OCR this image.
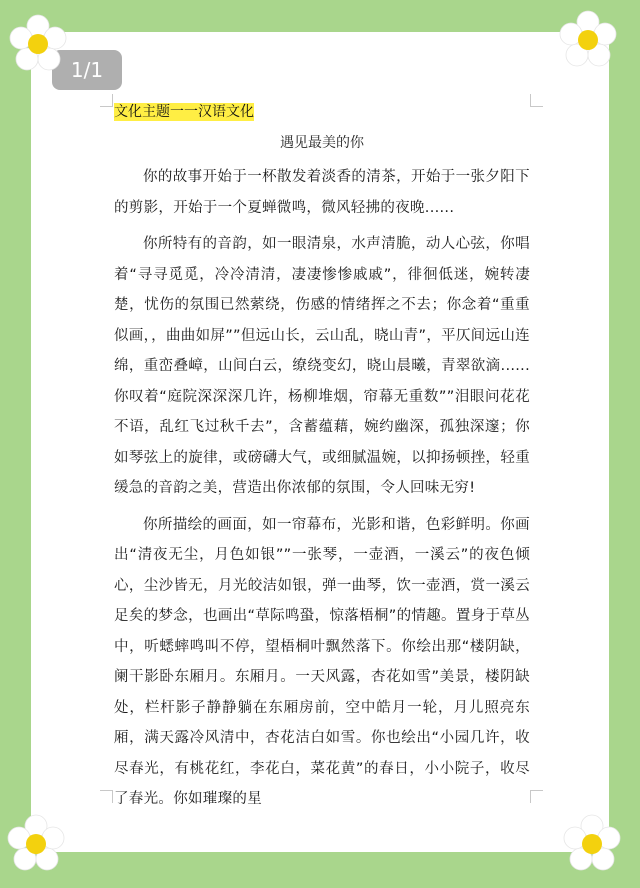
文化主题一一汉语文化
遇见最美的你

你的故事开始于一杯散发着淡香的清茶，开始于一张夕阳下的剪影，开始于一个夏蝉微鸣，微风轻拂的夜晚......

你所特有的音韵，如一眼清泉，水声清脆，动人心弦，你唱着“寻寻觅觅，冷冷清清，凄凄惨惨戚戚”，徘徊低迷，婉转凄楚，忧伤的氛围已然萦绕，伤感的情绪挥之不去；你念着“重重似画，，曲曲如屏””但远山长，云山乱，晓山青”，平仄间远山连绵，重峦叠嶂，山间白云，缭绕变幻，晓山晨曦，青翠欲滴......你叹着“庭院深深深几许，杨柳堆烟，帘幕无重数””泪眼问花花不语，乱红飞过秋千去”，含蓄蕴藉，婉约幽深，孤独深邃；你如琴弦上的旋律，或磅礴大气，或细腻温婉，以抑扬顿挫，轻重缓急的音韵之美，营造出你浓郁的氛围，令人回味无穷!

你所描绘的画面，如一帘幕布，光影和谐，色彩鲜明。你画出“清夜无尘，月色如银””一张琴，一壶酒，一溪云”的夜色倾心，尘沙皆无，月光皎洁如银，弹一曲琴，饮一壶酒，赏一溪云足矣的梦念，也画出“草际鸣蛩，惊落梧桐”的情趣。置身于草丛中，听蟋蟀鸣叫不停，望梧桐叶飘然落下。你绘出那“楼阴缺，阑干影卧东厢月。东厢月。一天风露，杏花如雪”美景，楼阴缺处，栏杆影子静静躺在东厢房前，空中皓月一轮，月儿照亮东厢，满天露冷风清中，杏花洁白如雪。你也绘出“小园几许，收尽春光，有桃花红，李花白，菜花黄”的春日，小小院子，收尽了春光。你如璀璨的星

1/1
